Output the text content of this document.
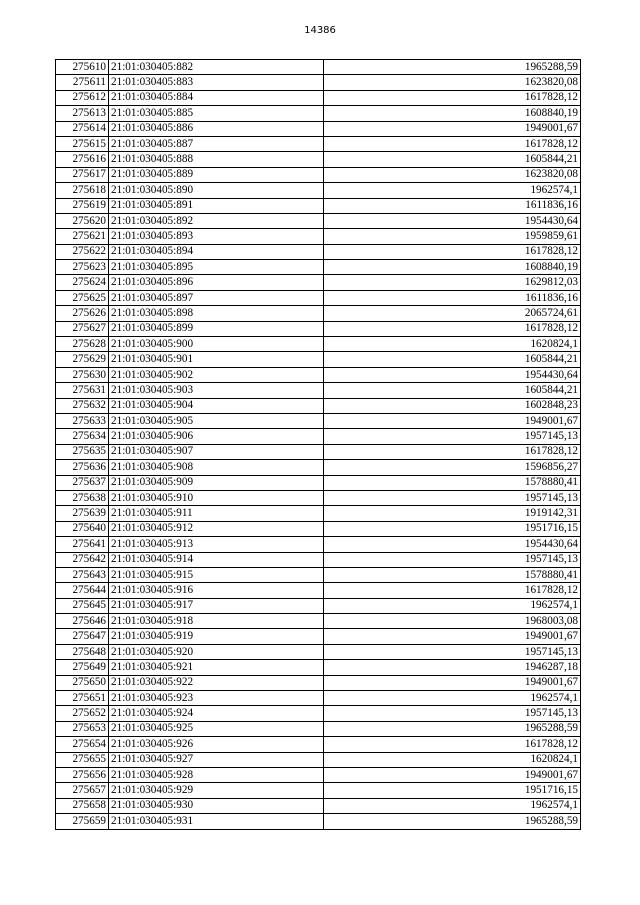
14386
275610	21:01:030405:882	1965288,59
275611	21:01:030405:883	1623820,08
275612	21:01:030405:884	1617828,12
275613	21:01:030405:885	1608840,19
275614	21:01:030405:886	1949001,67
275615	21:01:030405:887	1617828,12
275616	21:01:030405:888	1605844,21
275617	21:01:030405:889	1623820,08
275618	21:01:030405:890	1962574,1
275619	21:01:030405:891	1611836,16
275620	21:01:030405:892	1954430,64
275621	21:01:030405:893	1959859,61
275622	21:01:030405:894	1617828,12
275623	21:01:030405:895	1608840,19
275624	21:01:030405:896	1629812,03
275625	21:01:030405:897	1611836,16
275626	21:01:030405:898	2065724,61
275627	21:01:030405:899	1617828,12
275628	21:01:030405:900	1620824,1
275629	21:01:030405:901	1605844,21
275630	21:01:030405:902	1954430,64
275631	21:01:030405:903	1605844,21
275632	21:01:030405:904	1602848,23
275633	21:01:030405:905	1949001,67
275634	21:01:030405:906	1957145,13
275635	21:01:030405:907	1617828,12
275636	21:01:030405:908	1596856,27
275637	21:01:030405:909	1578880,41
275638	21:01:030405:910	1957145,13
275639	21:01:030405:911	1919142,31
275640	21:01:030405:912	1951716,15
275641	21:01:030405:913	1954430,64
275642	21:01:030405:914	1957145,13
275643	21:01:030405:915	1578880,41
275644	21:01:030405:916	1617828,12
275645	21:01:030405:917	1962574,1
275646	21:01:030405:918	1968003,08
275647	21:01:030405:919	1949001,67
275648	21:01:030405:920	1957145,13
275649	21:01:030405:921	1946287,18
275650	21:01:030405:922	1949001,67
275651	21:01:030405:923	1962574,1
275652	21:01:030405:924	1957145,13
275653	21:01:030405:925	1965288,59
275654	21:01:030405:926	1617828,12
275655	21:01:030405:927	1620824,1
275656	21:01:030405:928	1949001,67
275657	21:01:030405:929	1951716,15
275658	21:01:030405:930	1962574,1
275659	21:01:030405:931	1965288,59
